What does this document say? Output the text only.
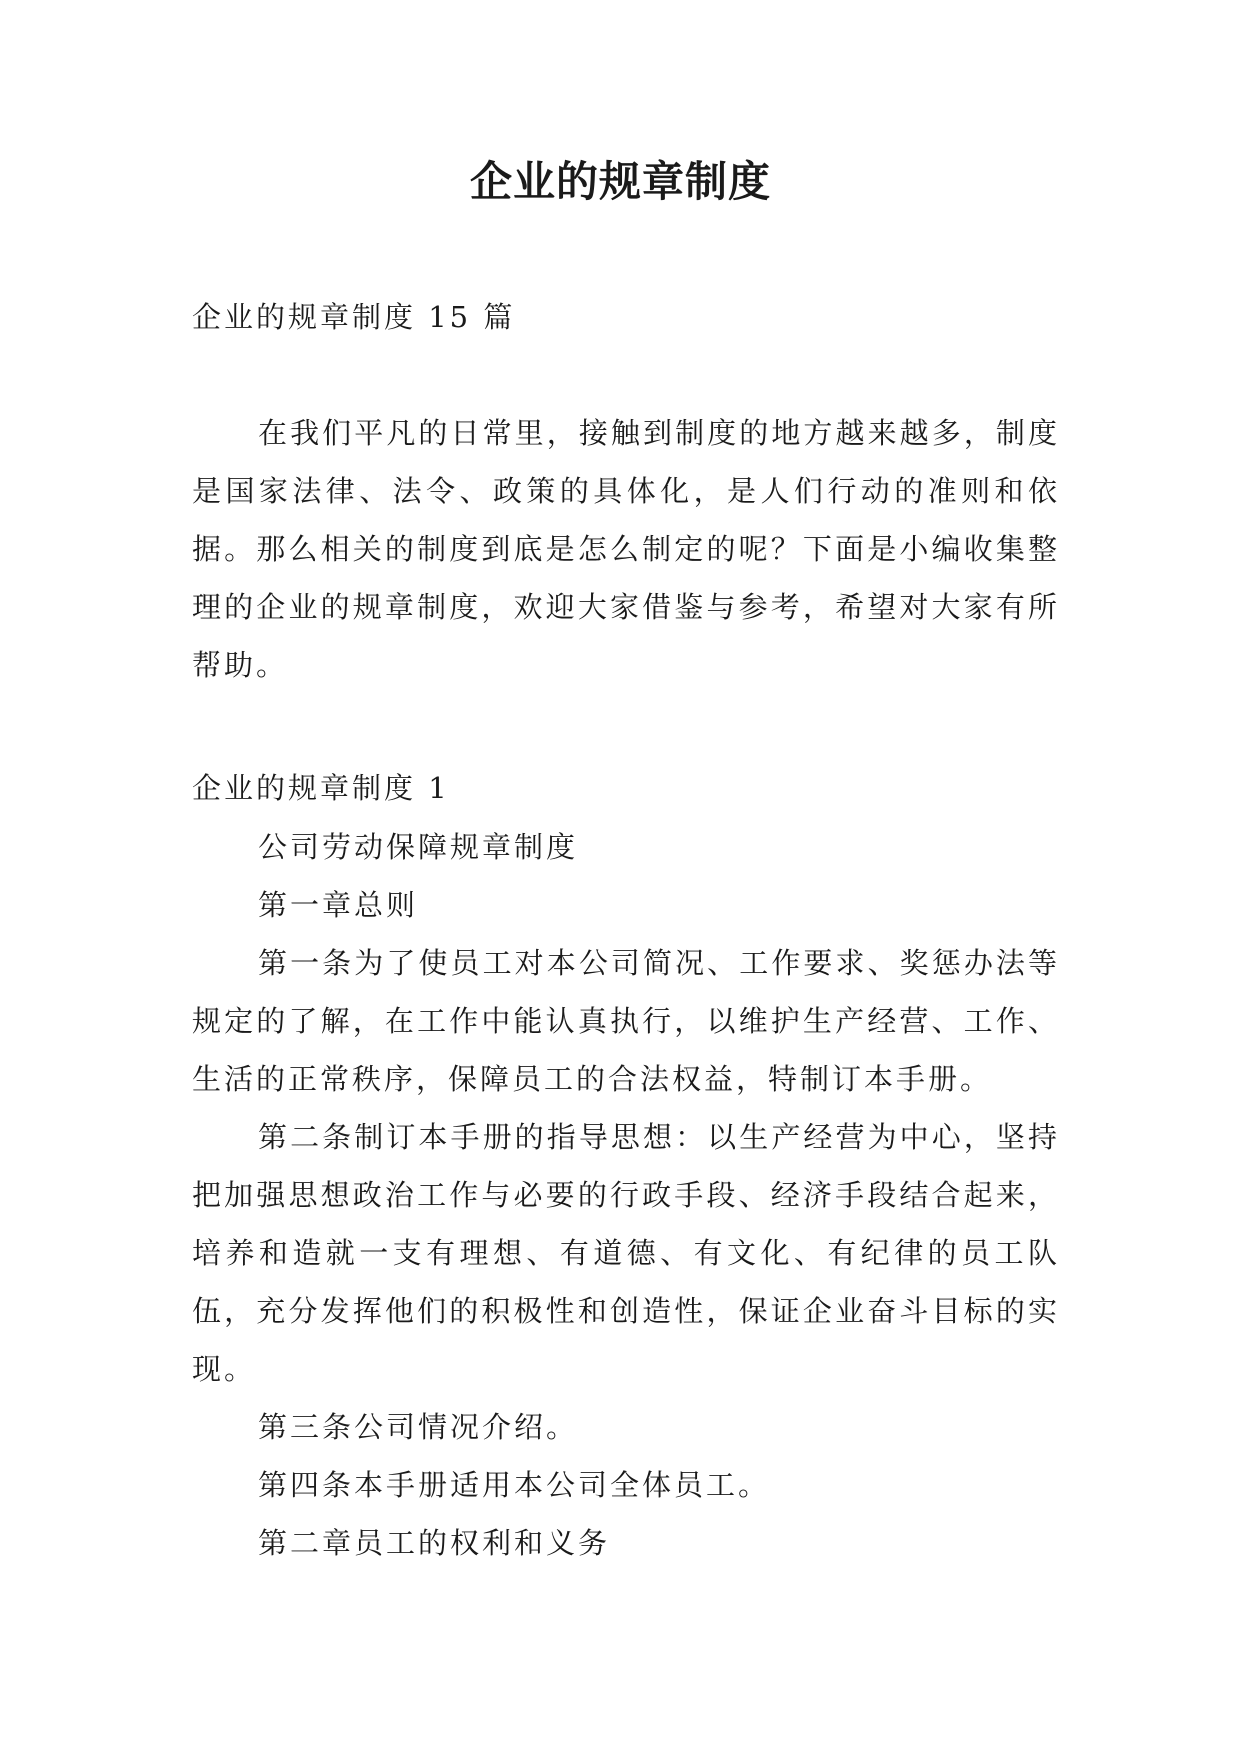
企业的规章制度

企业的规章制度 15 篇

在我们平凡的日常里，接触到制度的地方越来越多，制度是国家法律、法令、政策的具体化，是人们行动的准则和依据。那么相关的制度到底是怎么制定的呢？下面是小编收集整理的企业的规章制度，欢迎大家借鉴与参考，希望对大家有所帮助。

企业的规章制度 1

公司劳动保障规章制度

第一章总则

第一条为了使员工对本公司简况、工作要求、奖惩办法等规定的了解，在工作中能认真执行，以维护生产经营、工作、生活的正常秩序，保障员工的合法权益，特制订本手册。

第二条制订本手册的指导思想：以生产经营为中心，坚持把加强思想政治工作与必要的行政手段、经济手段结合起来，培养和造就一支有理想、有道德、有文化、有纪律的员工队伍，充分发挥他们的积极性和创造性，保证企业奋斗目标的实现。

第三条公司情况介绍。

第四条本手册适用本公司全体员工。

第二章员工的权利和义务
